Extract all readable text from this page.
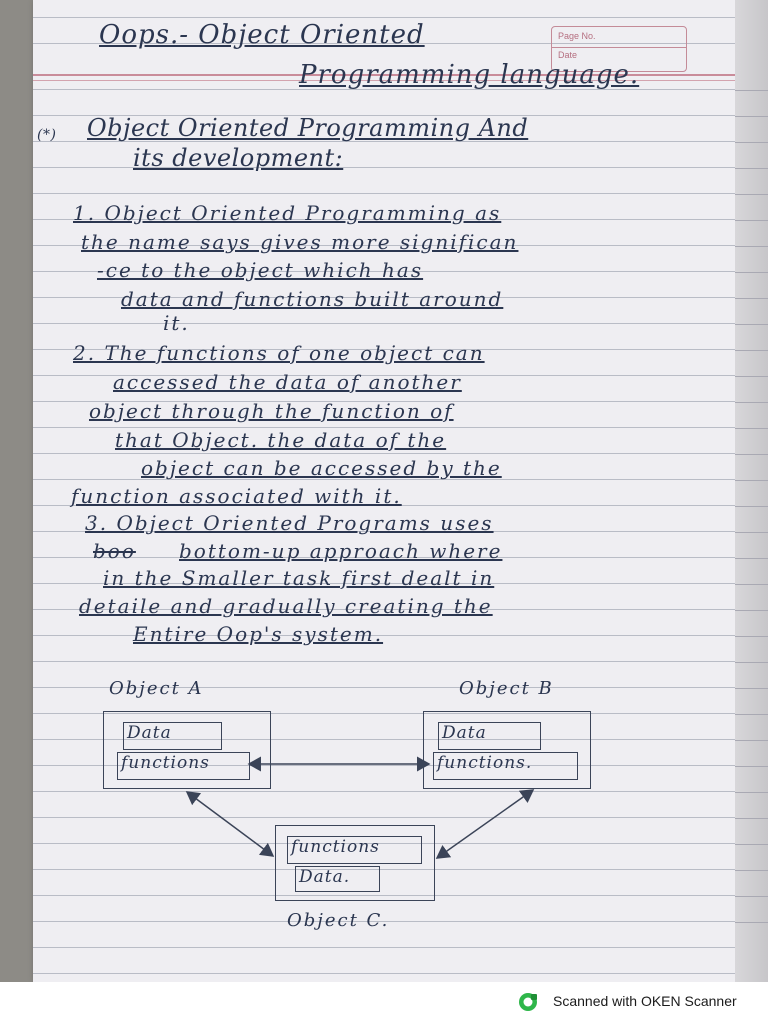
Page No.
Date
Oops.- Object Oriented
Programming language.
(*) Object Oriented Programming And
its development:
1. Object Oriented Programming as
the name says gives more significan
-ce to the object which has
data and functions built around
it.
2. The functions of one object can
accessed the data of another
object through the function of
that Object. the data of the
object can be accessed by the
function associated with it.
3. Object Oriented Programs uses
boo bottom-up approach where
in the Smaller task first dealt in
detaile and gradually creating the
Entire Oop's system.
Object A	Object B
Data
functions
Data
functions.
functions
Data.
Object C.
Scanned with OKEN Scanner
